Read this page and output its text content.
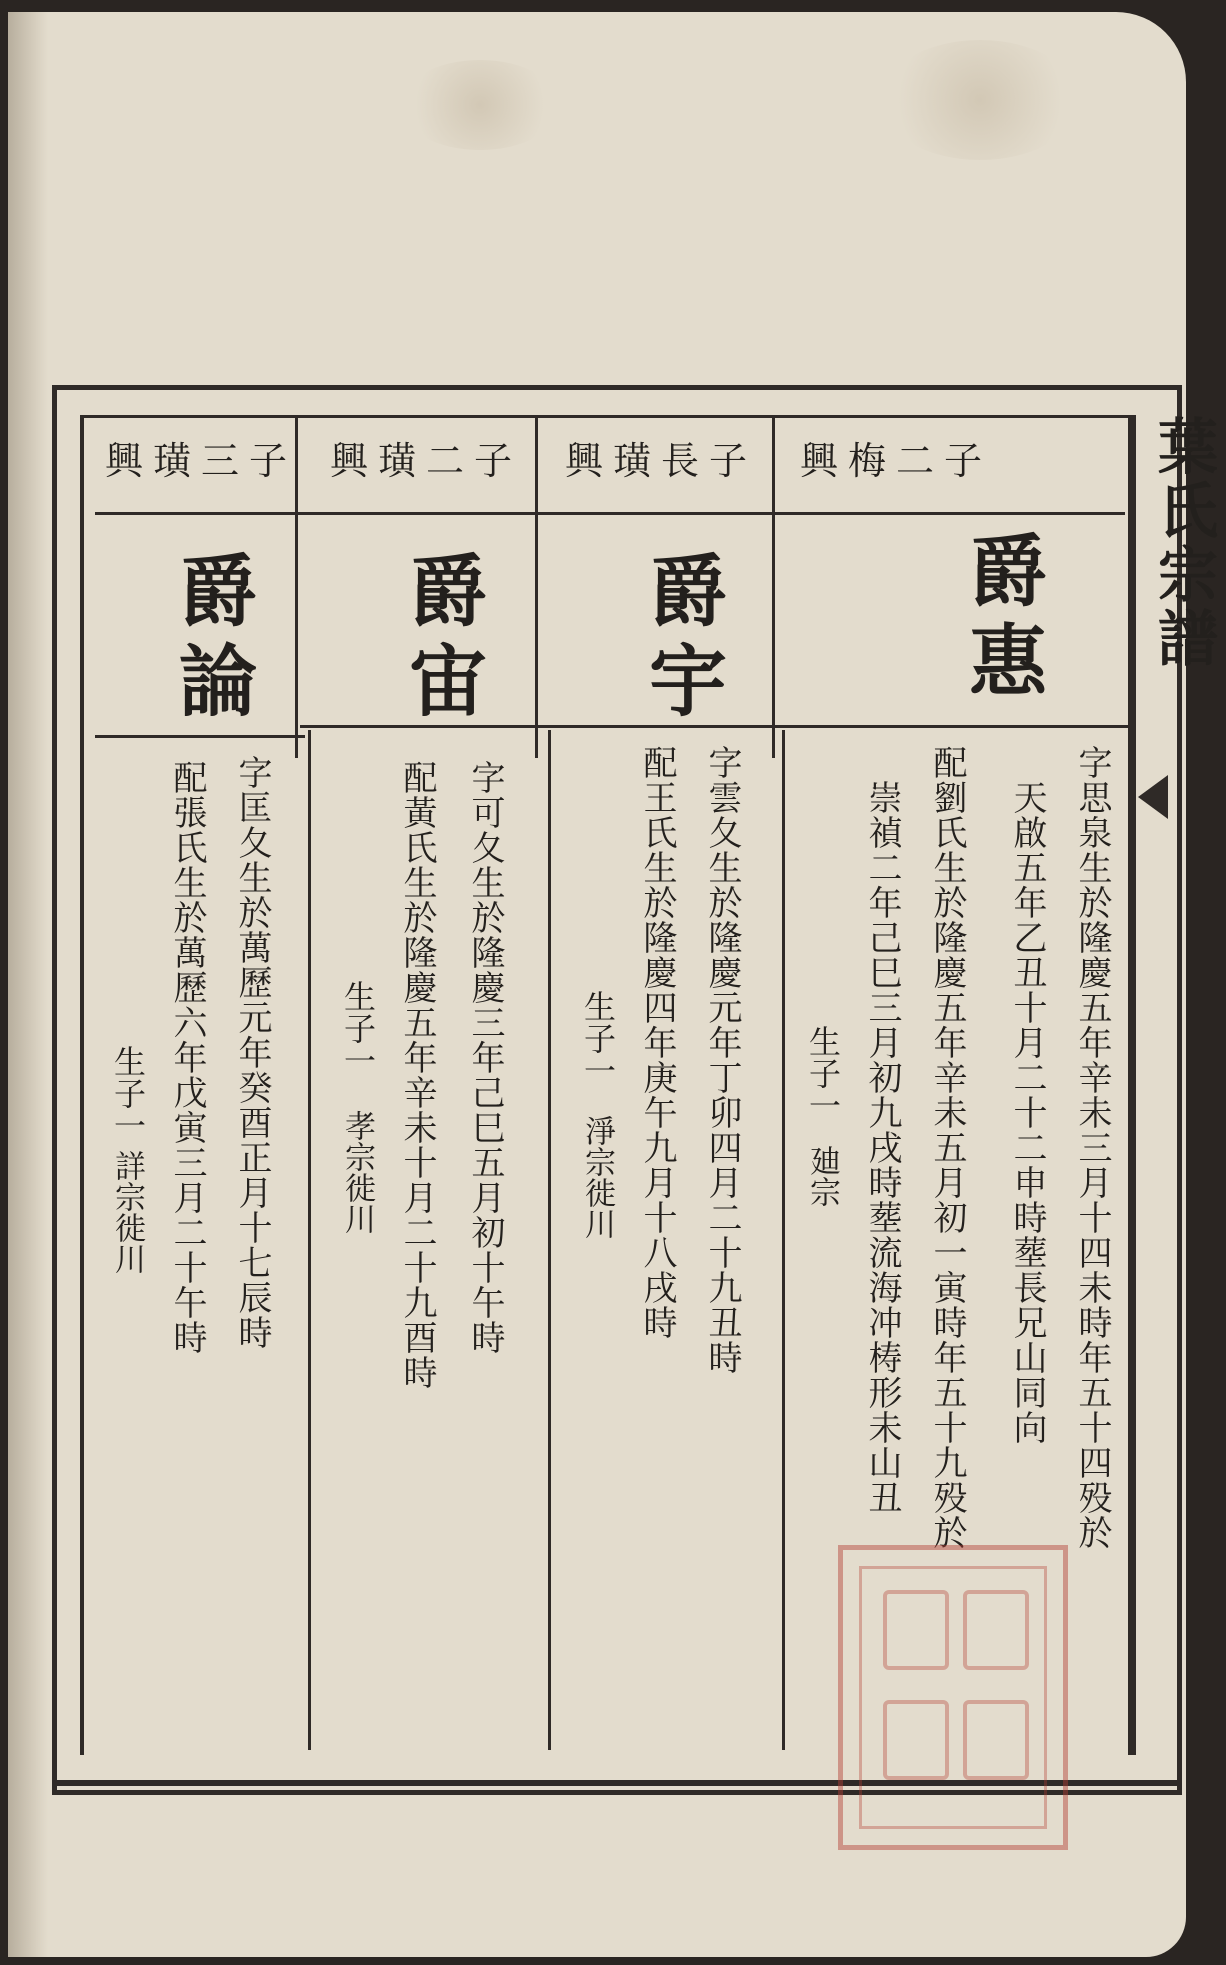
葉氏宗譜
興梅二子
爵惠
字思泉生於隆慶五年辛未三月十四未時年五十四殁於
天啟五年乙丑十月二十二申時塟長兄山同向
配劉氏生於隆慶五年辛未五月初一寅時年五十九殁於
崇禎二年己巳三月初九戌時塟流海冲梼形未山丑
生子一
廸宗
興璜長子
爵宇
字雲夂生於隆慶元年丁卯四月二十九丑時
配王氏生於隆慶四年庚午九月十八戌時
生子一
淨宗徙川
興璜二子
爵宙
字可夂生於隆慶三年己巳五月初十午時
配黃氏生於隆慶五年辛未十月二十九酉時
生子一
孝宗徙川
興璜三子
爵論
字匡夂生於萬歷元年癸酉正月十七辰時
配張氏生於萬歷六年戊寅三月二十午時
生子一
詳宗徙川
